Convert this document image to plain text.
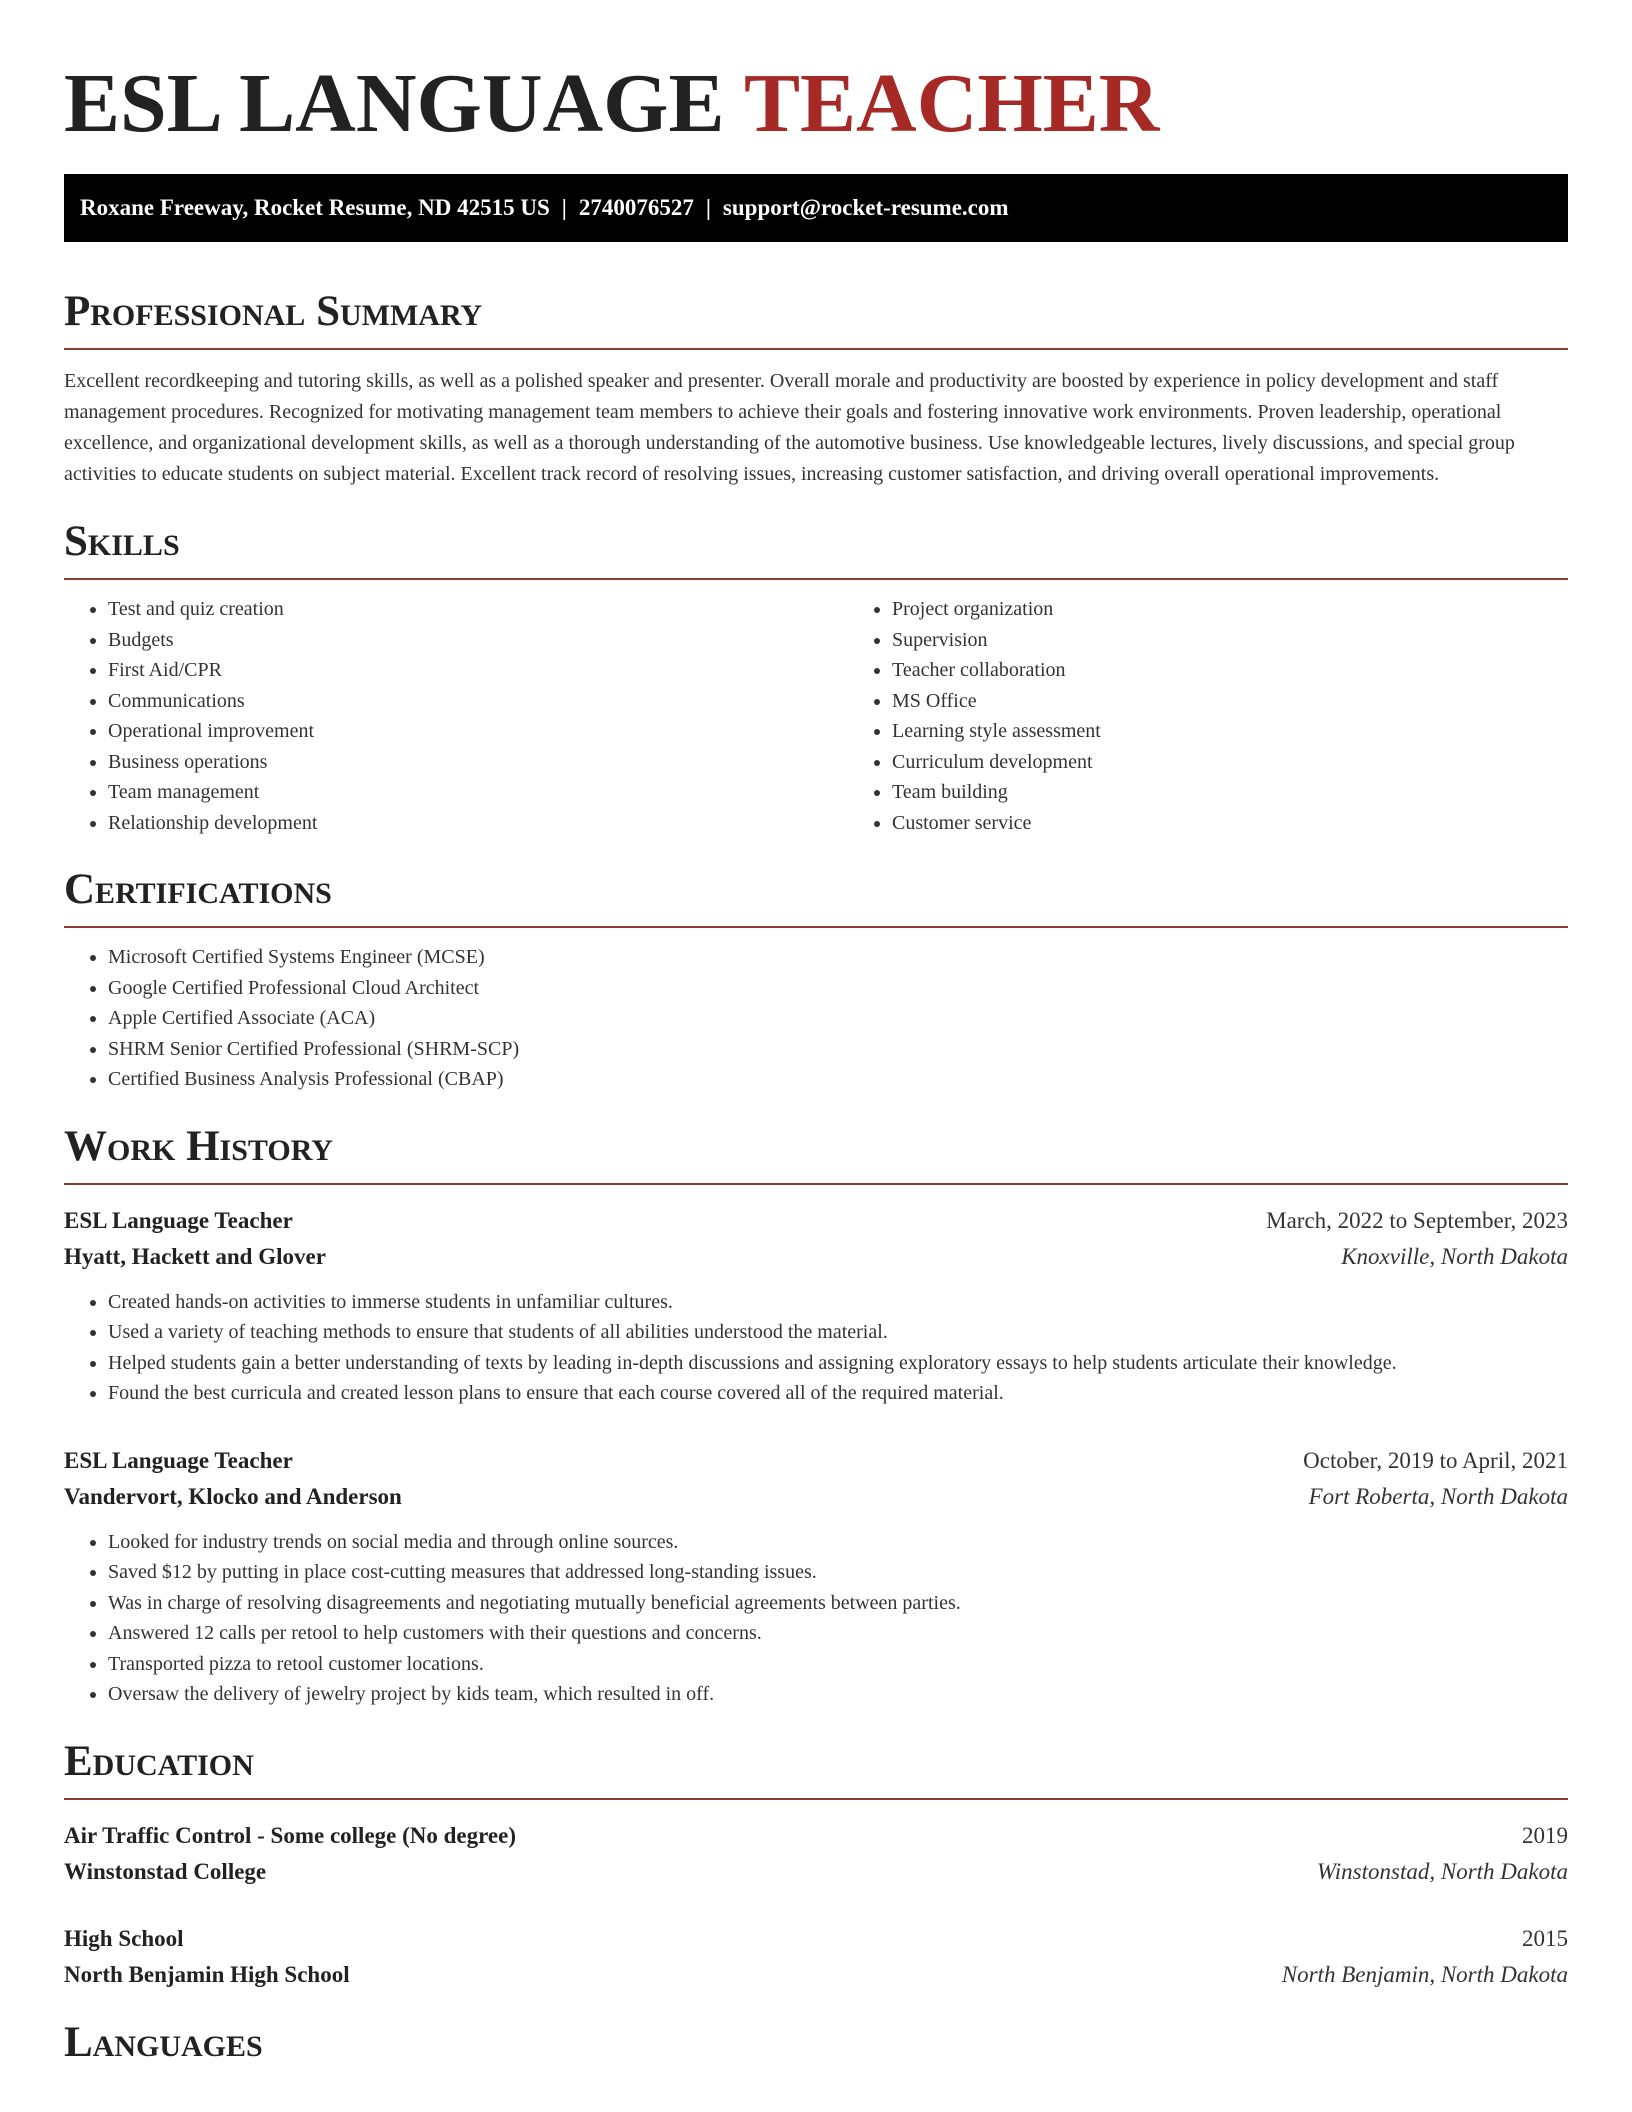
ESL LANGUAGE TEACHER
Roxane Freeway, Rocket Resume, ND 42515 US | 2740076527 | support@rocket-resume.com
Professional Summary

Excellent recordkeeping and tutoring skills, as well as a polished speaker and presenter. Overall morale and productivity are boosted by experience in policy development and staff management procedures. Recognized for motivating management team members to achieve their goals and fostering innovative work environments. Proven leadership, operational excellence, and organizational development skills, as well as a thorough understanding of the automotive business. Use knowledgeable lectures, lively discussions, and special group activities to educate students on subject material. Excellent track record of resolving issues, increasing customer satisfaction, and driving overall operational improvements.

Skills
• Test and quiz creation
• Budgets
• First Aid/CPR
• Communications
• Operational improvement
• Business operations
• Team management
• Relationship development
• Project organization
• Supervision
• Teacher collaboration
• MS Office
• Learning style assessment
• Curriculum development
• Team building
• Customer service
Certifications
• Microsoft Certified Systems Engineer (MCSE)
• Google Certified Professional Cloud Architect
• Apple Certified Associate (ACA)
• SHRM Senior Certified Professional (SHRM-SCP)
• Certified Business Analysis Professional (CBAP)
Work History
ESL Language Teacher	March, 2022 to September, 2023
Hyatt, Hackett and Glover	Knoxville, North Dakota
• Created hands-on activities to immerse students in unfamiliar cultures.
• Used a variety of teaching methods to ensure that students of all abilities understood the material.
• Helped students gain a better understanding of texts by leading in-depth discussions and assigning exploratory essays to help students articulate their knowledge.
• Found the best curricula and created lesson plans to ensure that each course covered all of the required material.
ESL Language Teacher	October, 2019 to April, 2021
Vandervort, Klocko and Anderson	Fort Roberta, North Dakota
• Looked for industry trends on social media and through online sources.
• Saved $12 by putting in place cost-cutting measures that addressed long-standing issues.
• Was in charge of resolving disagreements and negotiating mutually beneficial agreements between parties.
• Answered 12 calls per retool to help customers with their questions and concerns.
• Transported pizza to retool customer locations.
• Oversaw the delivery of jewelry project by kids team, which resulted in off.
Education
Air Traffic Control - Some college (No degree)	2019
Winstonstad College	Winstonstad, North Dakota
High School	2015
North Benjamin High School	North Benjamin, North Dakota
Languages
